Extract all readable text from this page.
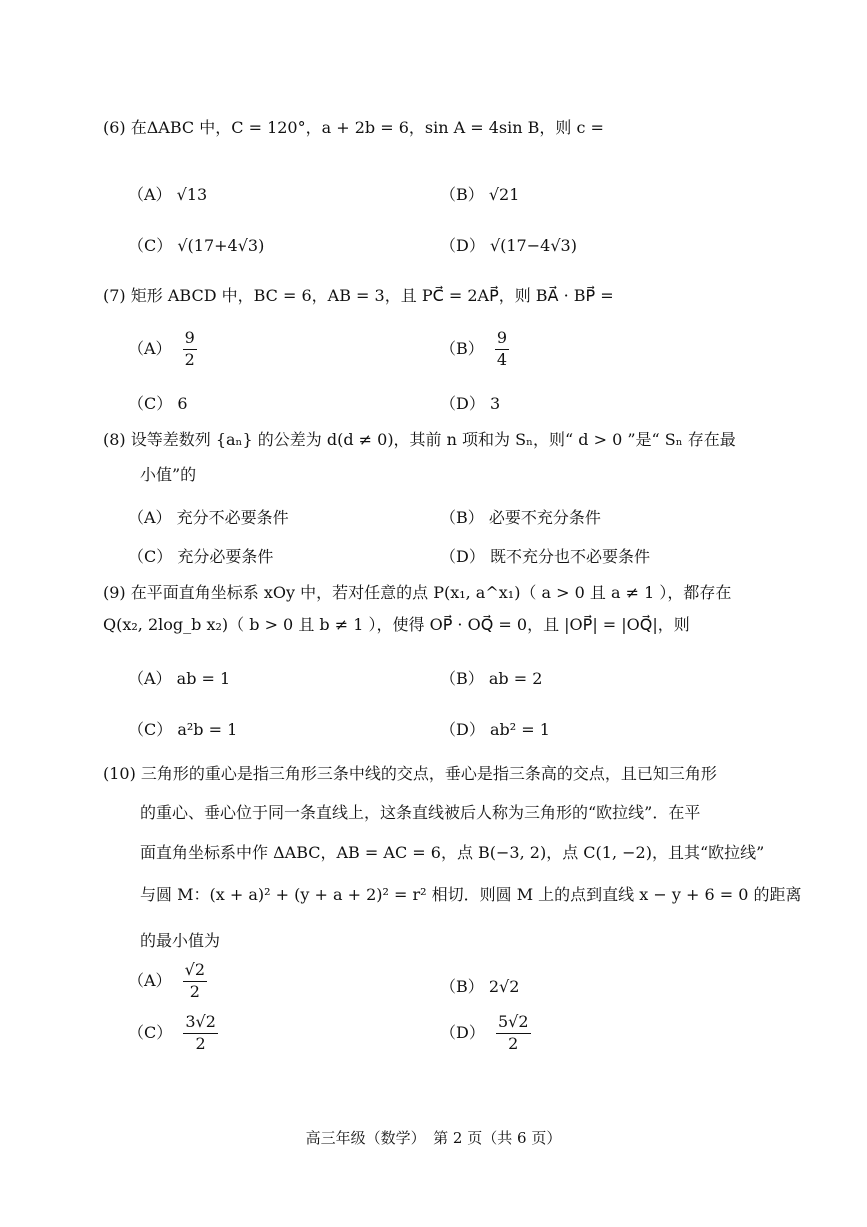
(6) 在ΔABC 中，C = 120°，a + 2b = 6，sin A = 4sin B，则 c =
（A） √13	（B） √21
（C） √(17+4√3)	（D） √(17−4√3)
(7) 矩形 ABCD 中，BC = 6，AB = 3，且 PC⃗ = 2AP⃗，则 BA⃗ · BP⃗ =
$(A) \frac{9}{2}$	$(B) \frac{9}{4}$
（C） 6	（D） 3
(8) 设等差数列 {aₙ} 的公差为 d(d ≠ 0)，其前 n 项和为 Sₙ，则“ d > 0 ”是“ Sₙ 存在最
小值”的
（A） 充分不必要条件	（B） 必要不充分条件
（C） 充分必要条件	（D） 既不充分也不必要条件
(9) 在平面直角坐标系 xOy 中，若对任意的点 P(x₁, a^x₁)（ a > 0 且 a ≠ 1 ），都存在
Q(x₂, 2log_b x₂)（ b > 0 且 b ≠ 1 ），使得 OP⃗ · OQ⃗ = 0，且 |OP⃗| = |OQ⃗|，则
（A） ab = 1	（B） ab = 2
（C） a²b = 1	（D） ab² = 1
(10) 三角形的重心是指三角形三条中线的交点，垂心是指三条高的交点，且已知三角形
的重心、垂心位于同一条直线上，这条直线被后人称为三角形的“欧拉线”．在平
面直角坐标系中作 ΔABC，AB = AC = 6，点 B(−3, 2)，点 C(1, −2)，且其“欧拉线”
与圆 M：(x + a)² + (y + a + 2)² = r² 相切．则圆 M 上的点到直线 x − y + 6 = 0 的距离
的最小值为
$(A) \frac{√2}{2}$	（B） 2√2
$(C) \frac{3√2}{2}$	$(D) \frac{5√2}{2}$
高三年级（数学）　第 2 页（共 6 页）
